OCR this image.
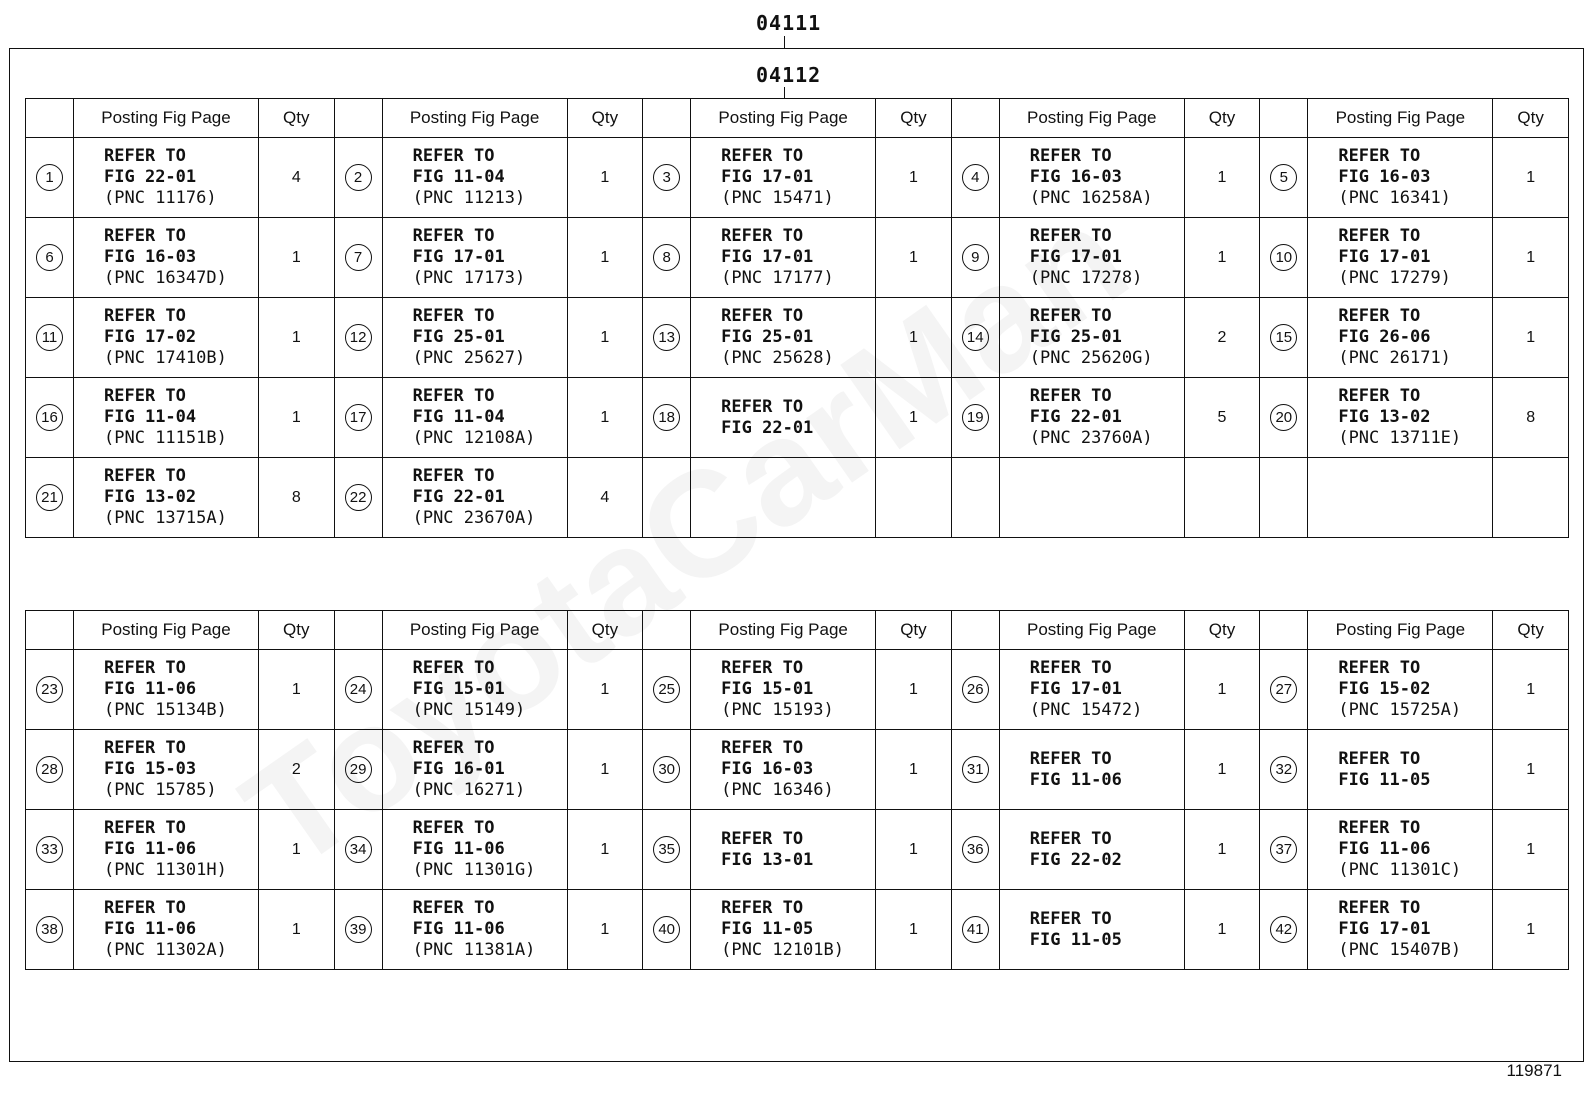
04111
04112
	Posting Fig Page	Qty		Posting Fig Page	Qty		Posting Fig Page	Qty		Posting Fig Page	Qty		Posting Fig Page	Qty
1	REFER TO
FIG 22-01
(PNC 11176)	4	2	REFER TO
FIG 11-04
(PNC 11213)	1	3	REFER TO
FIG 17-01
(PNC 15471)	1	4	REFER TO
FIG 16-03
(PNC 16258A)	1	5	REFER TO
FIG 16-03
(PNC 16341)	1
6	REFER TO
FIG 16-03
(PNC 16347D)	1	7	REFER TO
FIG 17-01
(PNC 17173)	1	8	REFER TO
FIG 17-01
(PNC 17177)	1	9	REFER TO
FIG 17-01
(PNC 17278)	1	10	REFER TO
FIG 17-01
(PNC 17279)	1
11	REFER TO
FIG 17-02
(PNC 17410B)	1	12	REFER TO
FIG 25-01
(PNC 25627)	1	13	REFER TO
FIG 25-01
(PNC 25628)	1	14	REFER TO
FIG 25-01
(PNC 25620G)	2	15	REFER TO
FIG 26-06
(PNC 26171)	1
16	REFER TO
FIG 11-04
(PNC 11151B)	1	17	REFER TO
FIG 11-04
(PNC 12108A)	1	18	REFER TO
FIG 22-01	1	19	REFER TO
FIG 22-01
(PNC 23760A)	5	20	REFER TO
FIG 13-02
(PNC 13711E)	8
21	REFER TO
FIG 13-02
(PNC 13715A)	8	22	REFER TO
FIG 22-01
(PNC 23670A)	4									
	Posting Fig Page	Qty		Posting Fig Page	Qty		Posting Fig Page	Qty		Posting Fig Page	Qty		Posting Fig Page	Qty
23	REFER TO
FIG 11-06
(PNC 15134B)	1	24	REFER TO
FIG 15-01
(PNC 15149)	1	25	REFER TO
FIG 15-01
(PNC 15193)	1	26	REFER TO
FIG 17-01
(PNC 15472)	1	27	REFER TO
FIG 15-02
(PNC 15725A)	1
28	REFER TO
FIG 15-03
(PNC 15785)	2	29	REFER TO
FIG 16-01
(PNC 16271)	1	30	REFER TO
FIG 16-03
(PNC 16346)	1	31	REFER TO
FIG 11-06	1	32	REFER TO
FIG 11-05	1
33	REFER TO
FIG 11-06
(PNC 11301H)	1	34	REFER TO
FIG 11-06
(PNC 11301G)	1	35	REFER TO
FIG 13-01	1	36	REFER TO
FIG 22-02	1	37	REFER TO
FIG 11-06
(PNC 11301C)	1
38	REFER TO
FIG 11-06
(PNC 11302A)	1	39	REFER TO
FIG 11-06
(PNC 11381A)	1	40	REFER TO
FIG 11-05
(PNC 12101B)	1	41	REFER TO
FIG 11-05	1	42	REFER TO
FIG 17-01
(PNC 15407B)	1
119871
